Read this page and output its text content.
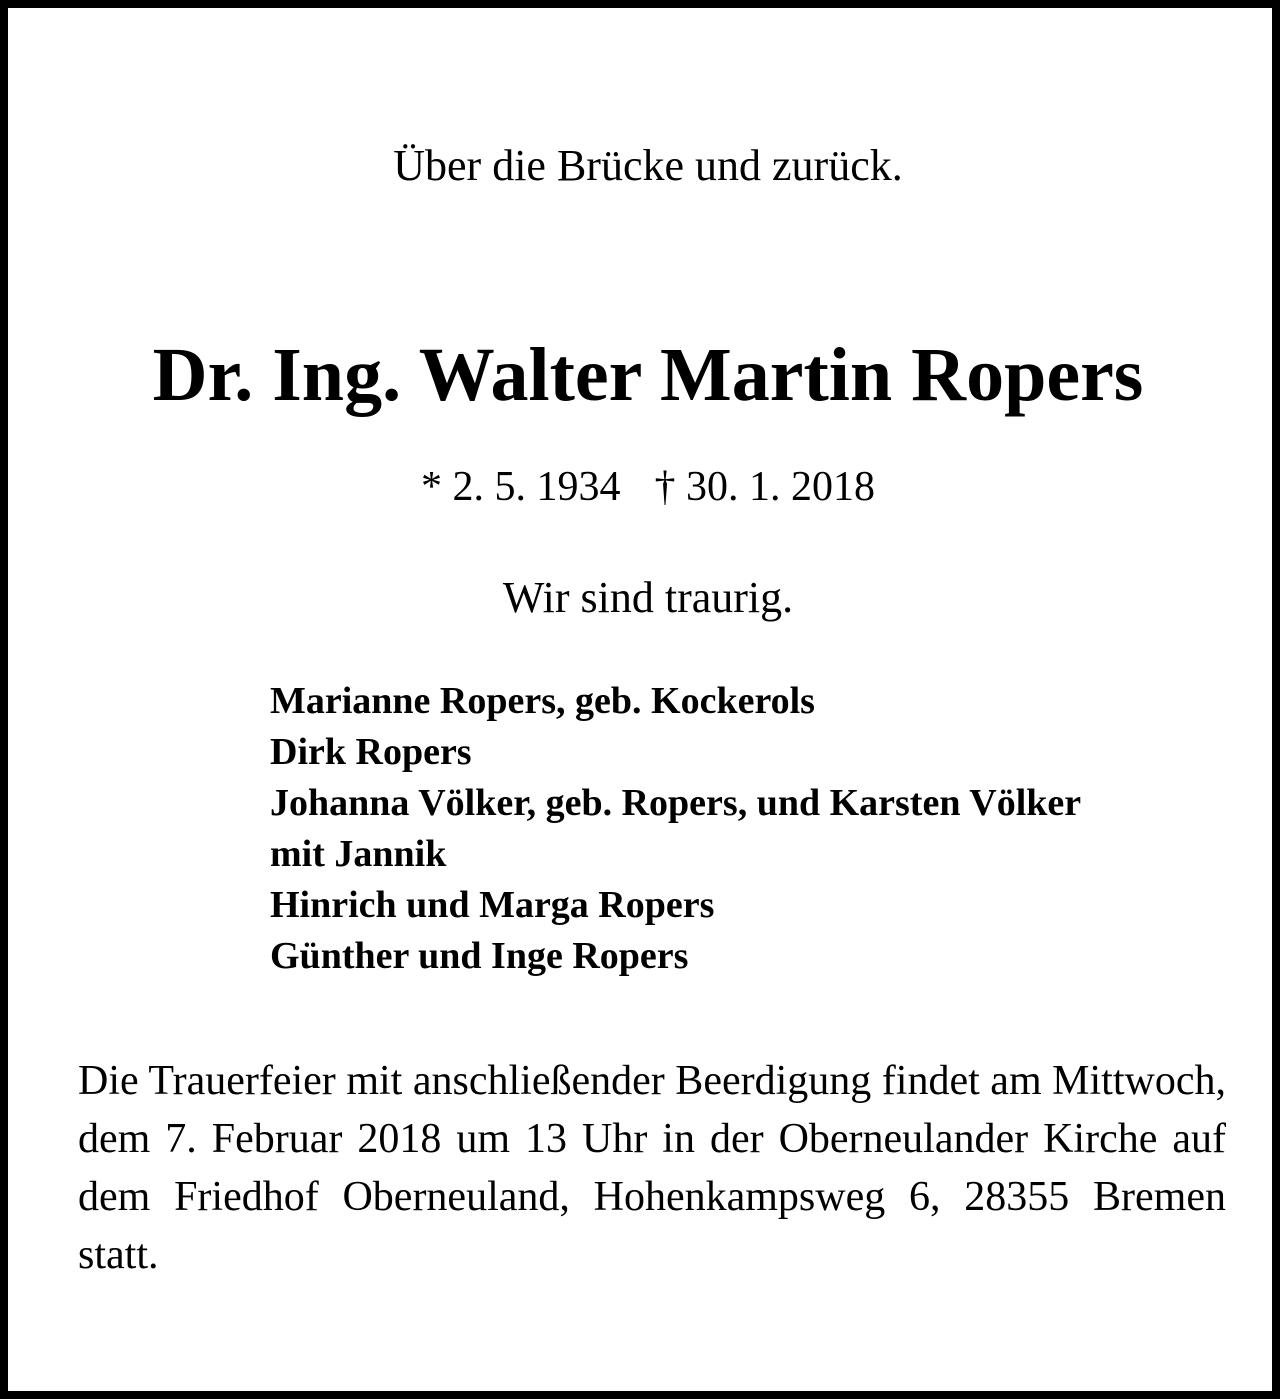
Über die Brücke und zurück.
Dr. Ing. Walter Martin Ropers
* 2. 5. 1934 † 30. 1. 2018
Wir sind traurig.
Marianne Ropers, geb. Kockerols
Dirk Ropers
Johanna Völker, geb. Ropers, und Karsten Völker
mit Jannik
Hinrich und Marga Ropers
Günther und Inge Ropers
Die Trauerfeier mit anschließender Beerdigung findet am Mittwoch, dem 7. Februar 2018 um 13 Uhr in der Oberneulander Kirche auf dem Friedhof Oberneuland, Hohenkampsweg 6, 28355 Bremen statt.
